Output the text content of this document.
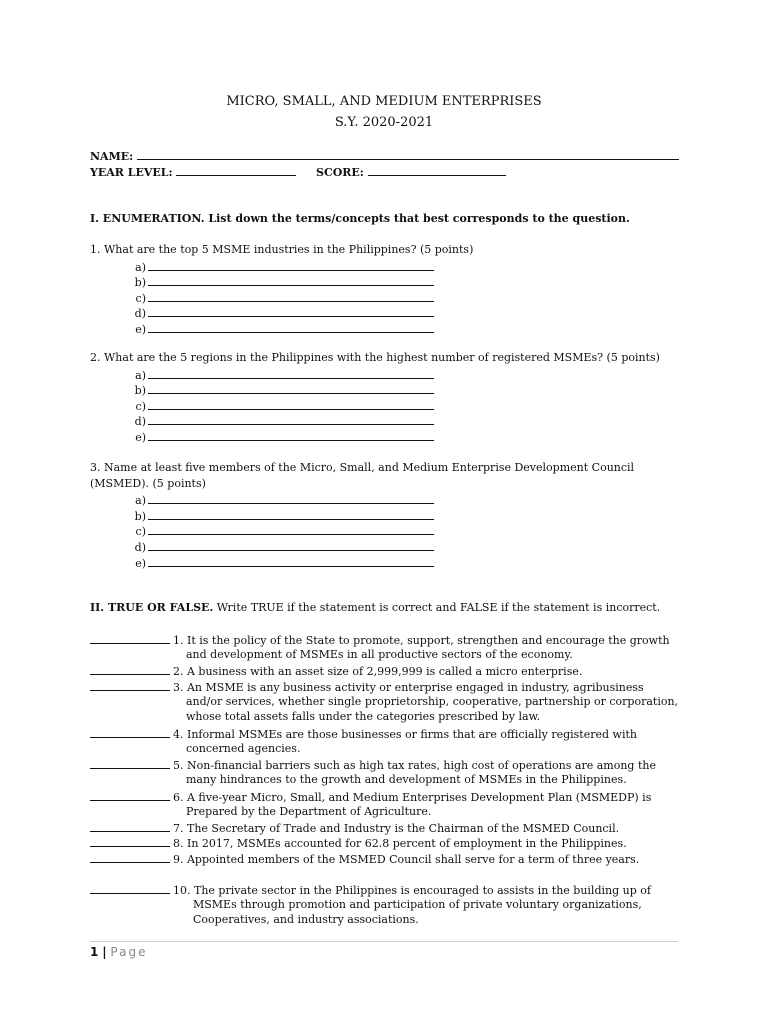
MICRO, SMALL, AND MEDIUM ENTERPRISES
S.Y. 2020-2021
NAME:
YEAR LEVEL:	SCORE:
I. ENUMERATION. List down the terms/concepts that best corresponds to the question.
1. What are the top 5 MSME industries in the Philippines? (5 points)
a)
b)
c)
d)
e)
2. What are the 5 regions in the Philippines with the highest number of registered MSMEs? (5 points)
a)
b)
c)
d)
e)
3. Name at least five members of the Micro, Small, and Medium Enterprise Development Council
(MSMED). (5 points)
a)
b)
c)
d)
e)
II. TRUE OR FALSE. Write TRUE if the statement is correct and FALSE if the statement is incorrect.
1. It is the policy of the State to promote, support, strengthen and encourage the growth
and development of MSMEs in all productive sectors of the economy.
2. A business with an asset size of 2,999,999 is called a micro enterprise.
3. An MSME is any business activity or enterprise engaged in industry, agribusiness
and/or services, whether single proprietorship, cooperative, partnership or corporation,
whose total assets falls under the categories prescribed by law.
4. Informal MSMEs are those businesses or firms that are officially registered with
concerned agencies.
5. Non-financial barriers such as high tax rates, high cost of operations are among the
many hindrances to the growth and development of MSMEs in the Philippines.
6. A five-year Micro, Small, and Medium Enterprises Development Plan (MSMEDP) is
Prepared by the Department of Agriculture.
7. The Secretary of Trade and Industry is the Chairman of the MSMED Council.
8. In 2017, MSMEs accounted for 62.8 percent of employment in the Philippines.
9. Appointed members of the MSMED Council shall serve for a term of three years.
10. The private sector in the Philippines is encouraged to assists in the building up of
MSMEs through promotion and participation of private voluntary organizations,
Cooperatives, and industry associations.
1 | Page
